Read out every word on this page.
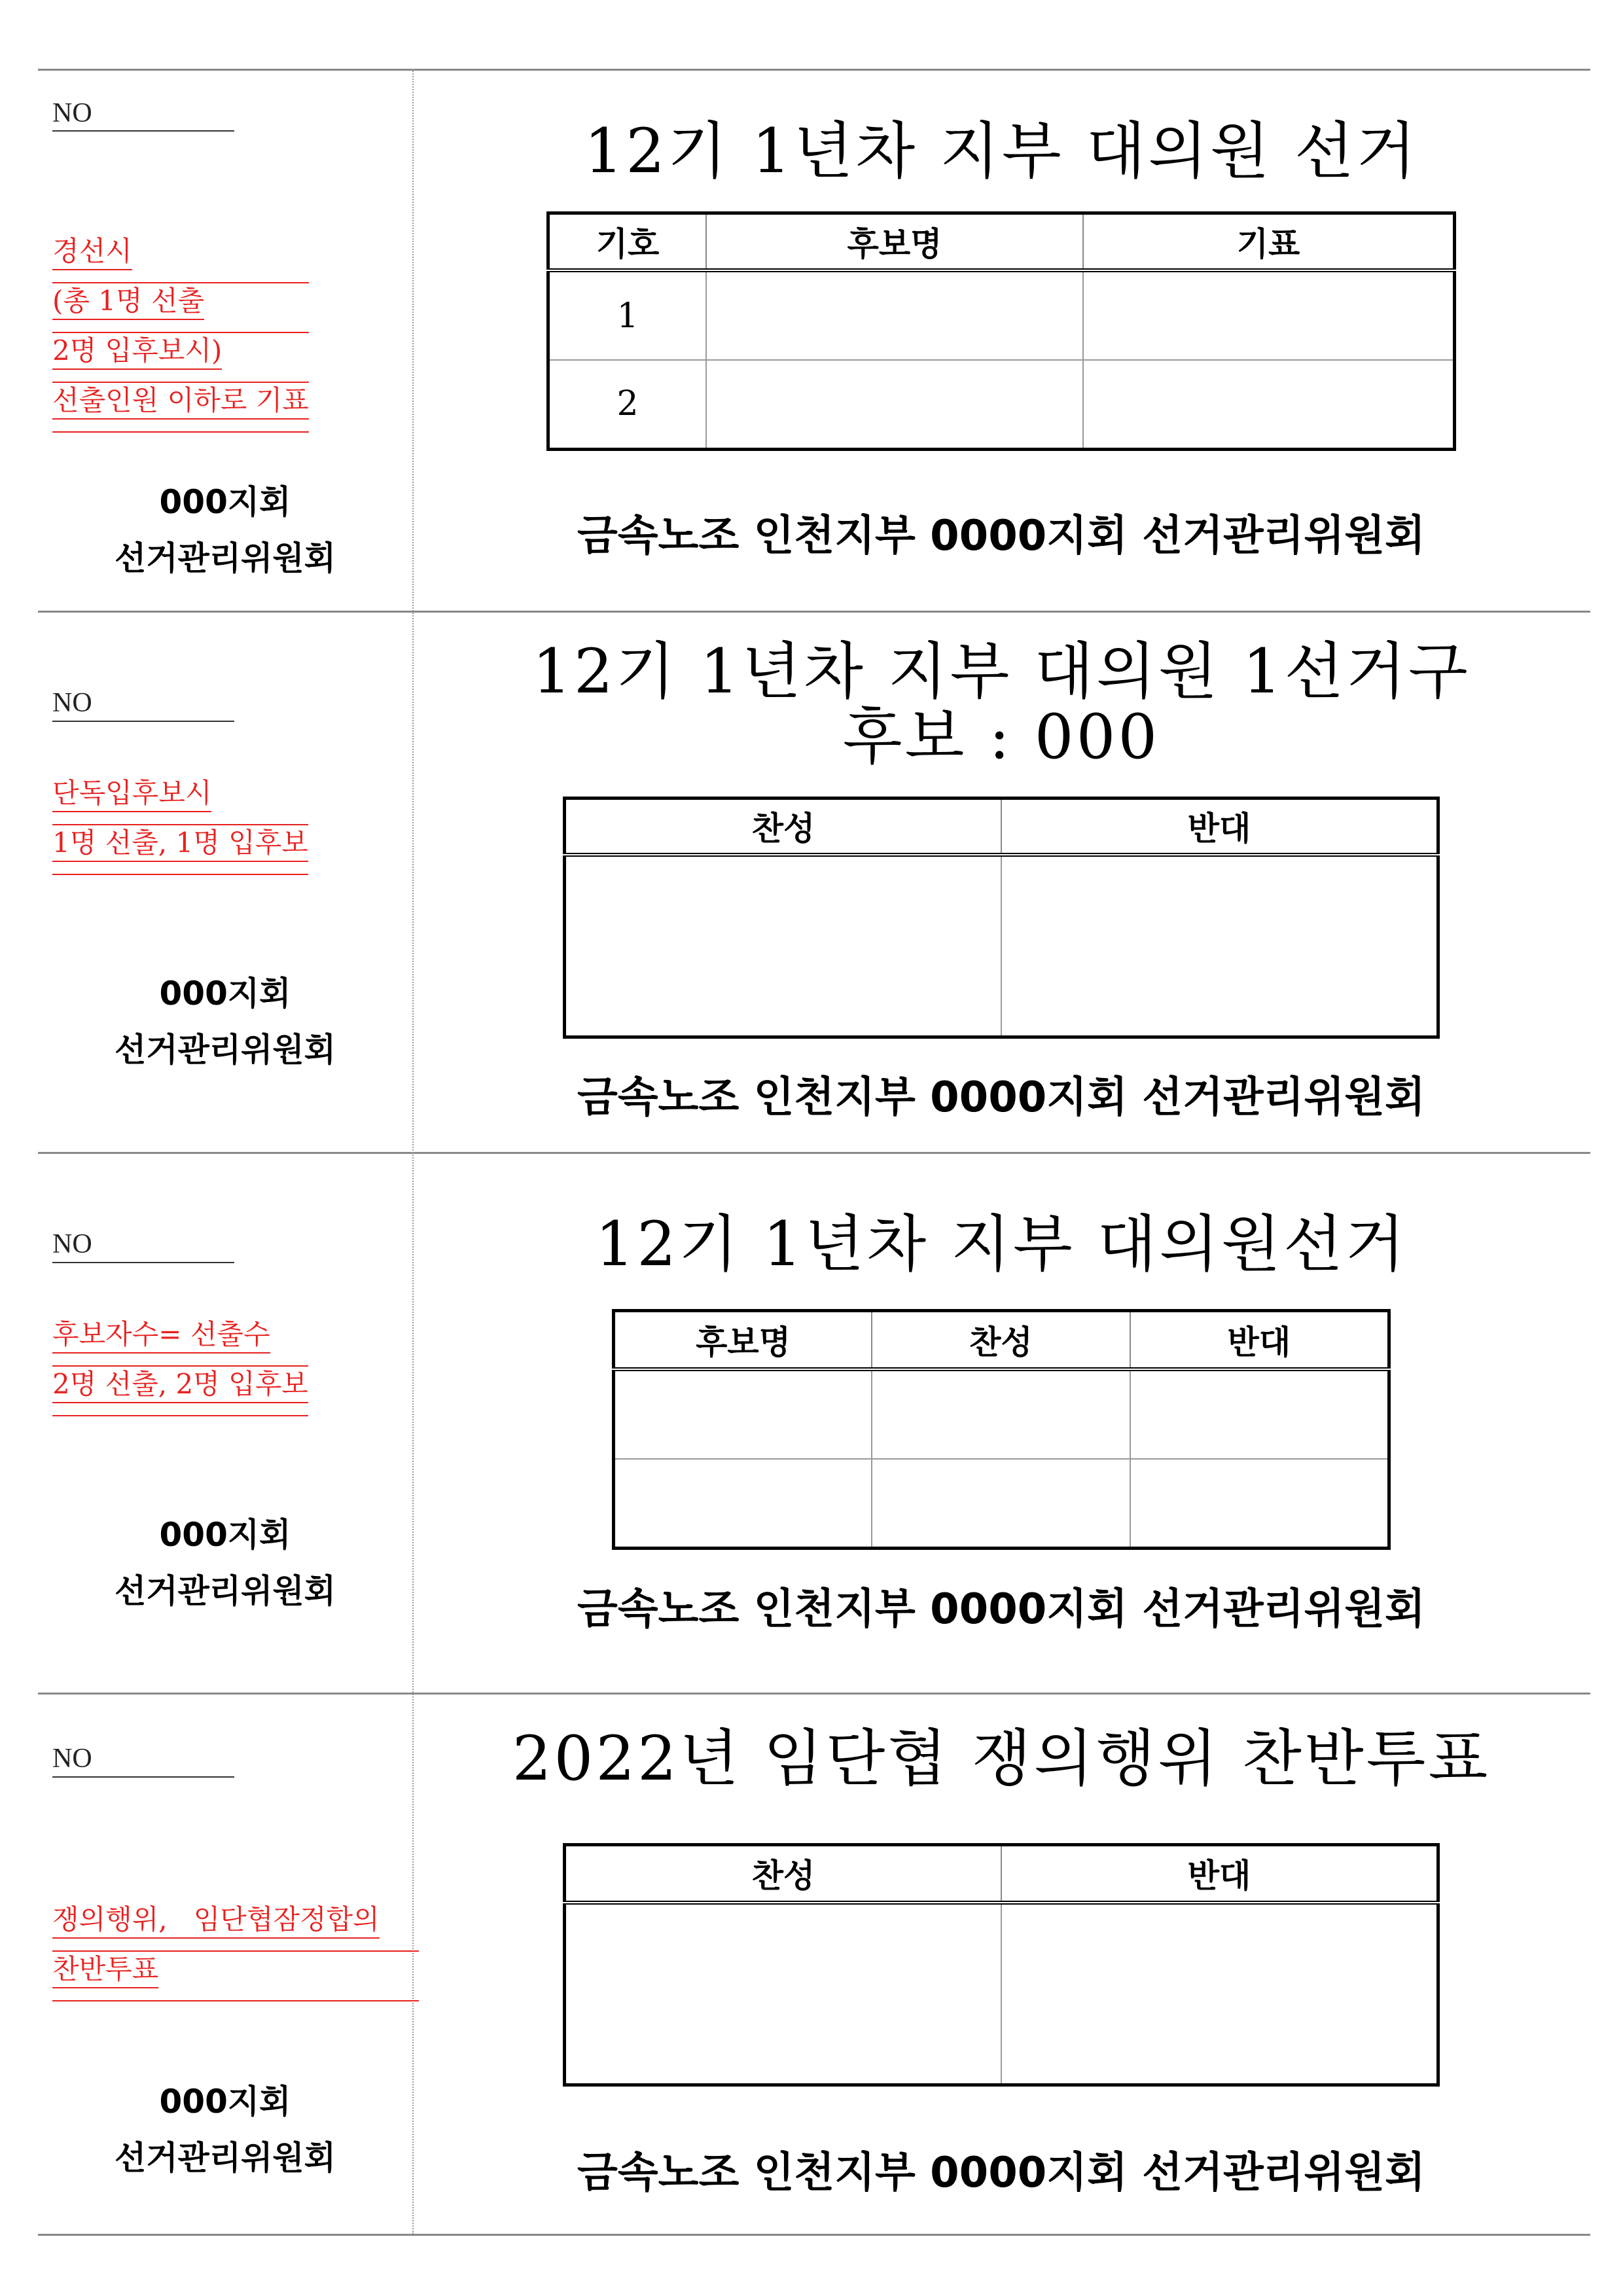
NO
경선시
(총 1명 선출
2명 입후보시)
선출인원 이하로 기표
000지회
선거관리위원회
12기 1년차 지부 대의원 선거
기호	후보명	기표
1		
2		
금속노조 인천지부 0000지회 선거관리위원회
NO
단독입후보시
1명 선출, 1명 입후보
000지회
선거관리위원회
12기 1년차 지부 대의원 1선거구
후보 : 000
찬성	반대

금속노조 인천지부 0000지회 선거관리위원회
NO
후보자수= 선출수
2명 선출, 2명 입후보
000지회
선거관리위원회
12기 1년차 지부 대의원선거
후보명	찬성	반대

금속노조 인천지부 0000지회 선거관리위원회
NO
쟁의행위,   임단협잠정합의
찬반투표
000지회
선거관리위원회
2022년 임단협 쟁의행위 찬반투표
찬성	반대

금속노조 인천지부 0000지회 선거관리위원회
